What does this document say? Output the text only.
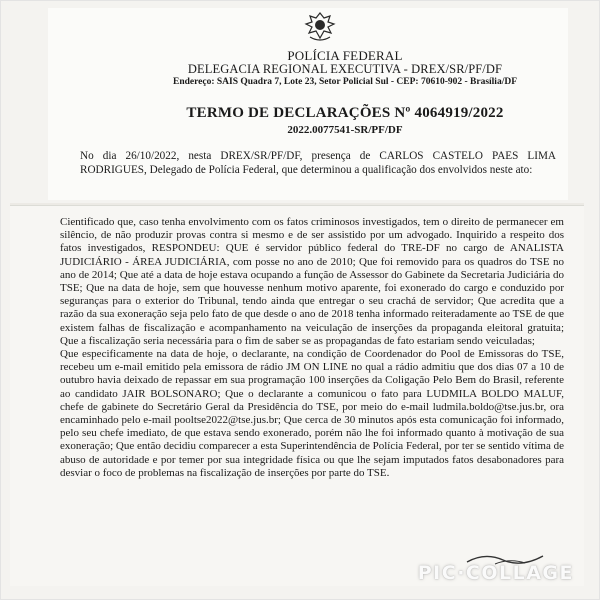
POLÍCIA FEDERAL
DELEGACIA REGIONAL EXECUTIVA - DREX/SR/PF/DF
Endereço: SAIS Quadra 7, Lote 23, Setor Policial Sul - CEP: 70610-902 - Brasília/DF
TERMO DE DECLARAÇÕES Nº 4064919/2022
2022.0077541-SR/PF/DF
No dia 26/10/2022, nesta DREX/SR/PF/DF, presença de CARLOS CASTELO PAES LIMA RODRIGUES, Delegado de Polícia Federal, que determinou a qualificação dos envolvidos neste ato:

Cientificado que, caso tenha envolvimento com os fatos criminosos investigados, tem o direito de permanecer em silêncio, de não produzir provas contra si mesmo e de ser assistido por um advogado. Inquirido a respeito dos fatos investigados, RESPONDEU: QUE é servidor público federal do TRE-DF no cargo de ANALISTA JUDICIÁRIO - ÁREA JUDICIÁRIA, com posse no ano de 2010; Que foi removido para os quadros do TSE no ano de 2014; Que até a data de hoje estava ocupando a função de Assessor do Gabinete da Secretaria Judiciária do TSE; Que na data de hoje, sem que houvesse nenhum motivo aparente, foi exonerado do cargo e conduzido por seguranças para o exterior do Tribunal, tendo ainda que entregar o seu crachá de servidor; Que acredita que a razão da sua exoneração seja pelo fato de que desde o ano de 2018 tenha informado reiteradamente ao TSE de que existem falhas de fiscalização e acompanhamento na veiculação de inserções da propaganda eleitoral gratuita; Que a fiscalização seria necessária para o fim de saber se as propagandas de fato estariam sendo veiculadas;

Que especificamente na data de hoje, o declarante, na condição de Coordenador do Pool de Emissoras do TSE, recebeu um e-mail emitido pela emissora de rádio JM ON LINE no qual a rádio admitiu que dos dias 07 a 10 de outubro havia deixado de repassar em sua programação 100 inserções da Coligação Pelo Bem do Brasil, referente ao candidato JAIR BOLSONARO; Que o declarante a comunicou o fato para LUDMILA BOLDO MALUF, chefe de gabinete do Secretário Geral da Presidência do TSE, por meio do e-mail ludmila.boldo@tse.jus.br, ora encaminhado pelo e-mail pooltse2022@tse.jus.br; Que cerca de 30 minutos após esta comunicação foi informado, pelo seu chefe imediato, de que estava sendo exonerado, porém não lhe foi informado quanto à motivação de sua exoneração; Que então decidiu comparecer a esta Superintendência de Polícia Federal, por ter se sentido vítima de abuso de autoridade e por temer por sua integridade física ou que lhe sejam imputados fatos desabonadores para desviar o foco de problemas na fiscalização de inserções por parte do TSE.

PIC·COLLAGE
